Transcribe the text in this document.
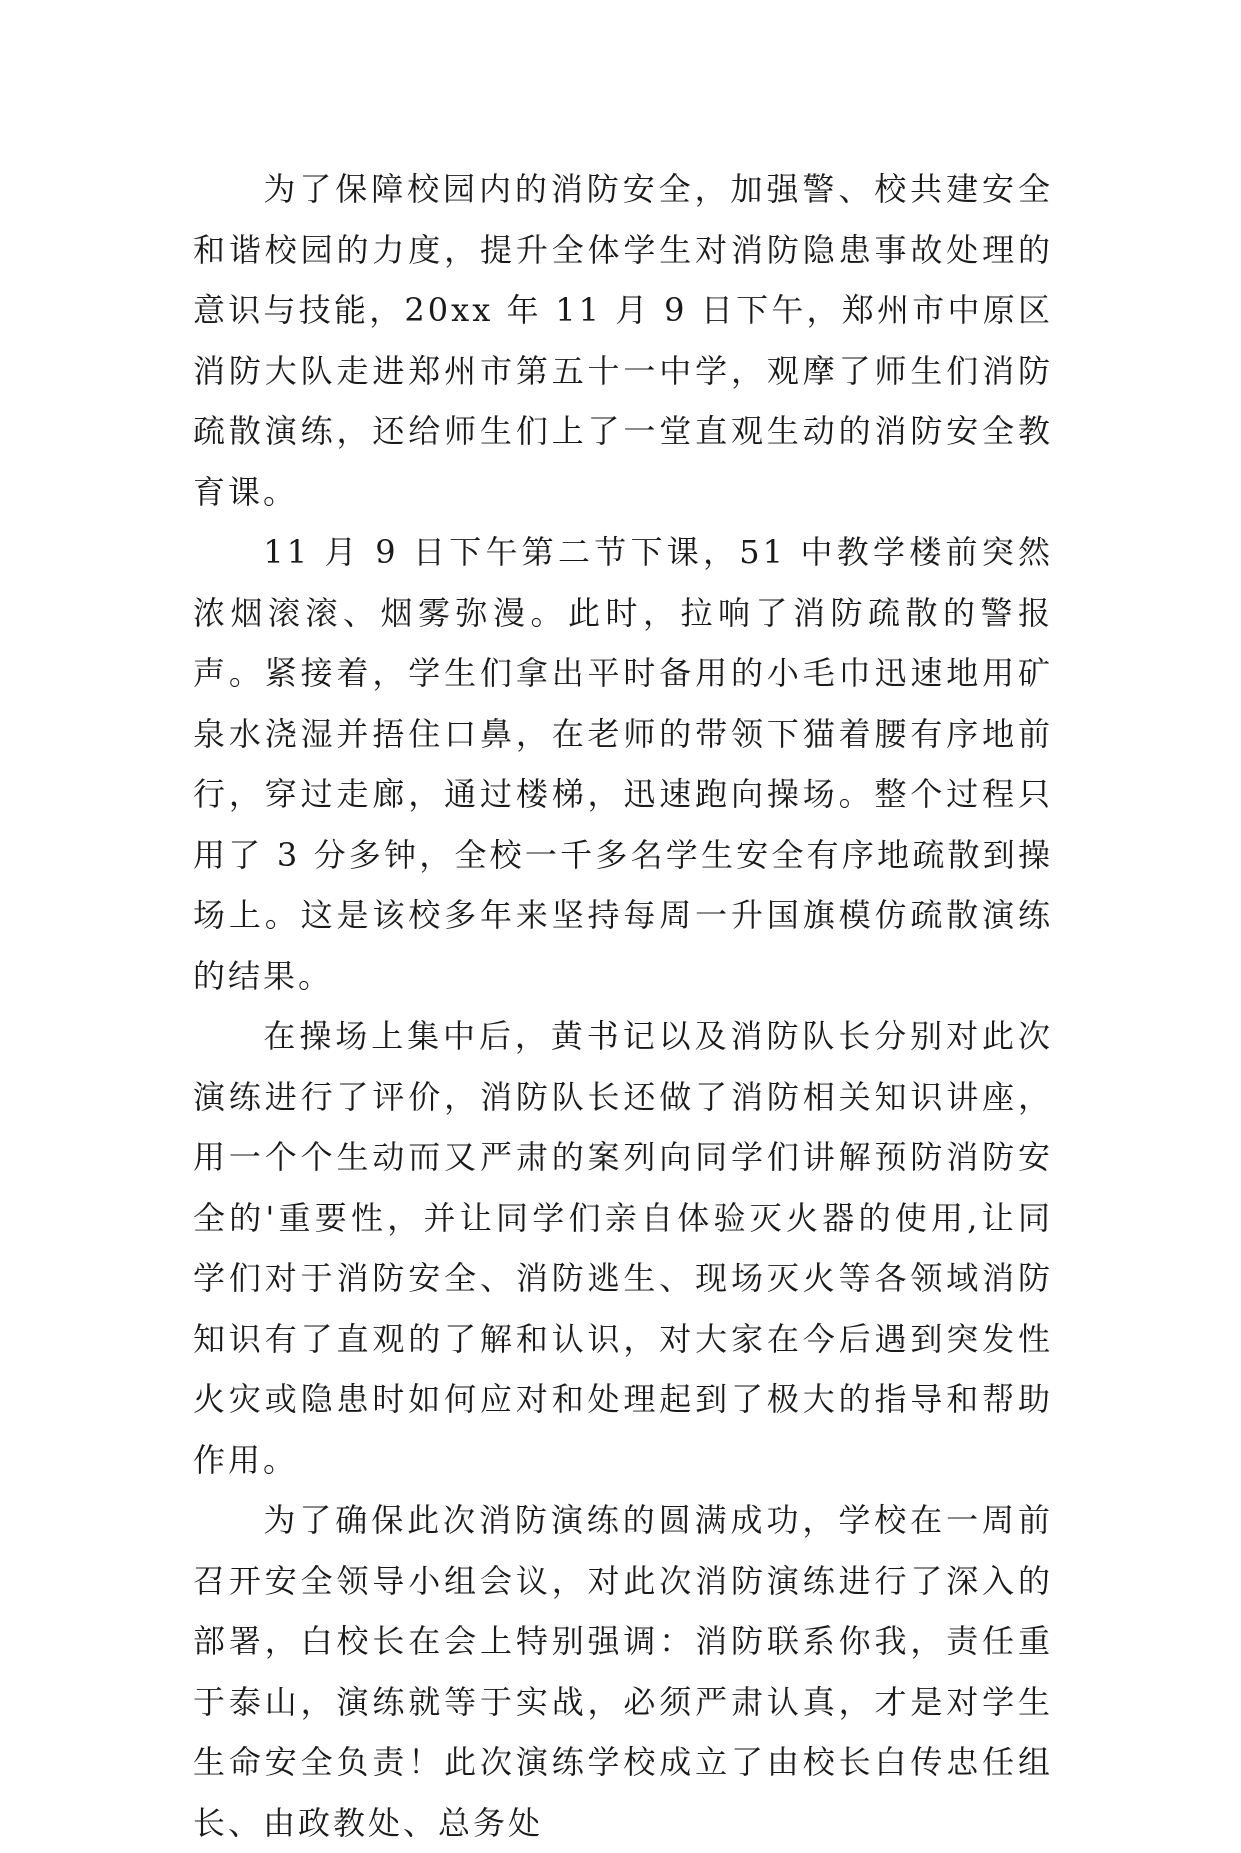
为了保障校园内的消防安全，加强警、校共建安全和谐校园的力度，提升全体学生对消防隐患事故处理的意识与技能，20xx 年 11 月 9 日下午，郑州市中原区消防大队走进郑州市第五十一中学，观摩了师生们消防疏散演练，还给师生们上了一堂直观生动的消防安全教育课。

11 月 9 日下午第二节下课，51 中教学楼前突然浓烟滚滚、烟雾弥漫。此时，拉响了消防疏散的警报声。紧接着，学生们拿出平时备用的小毛巾迅速地用矿泉水浇湿并捂住口鼻，在老师的带领下猫着腰有序地前行，穿过走廊，通过楼梯，迅速跑向操场。整个过程只用了 3 分多钟，全校一千多名学生安全有序地疏散到操场上。这是该校多年来坚持每周一升国旗模仿疏散演练的结果。

在操场上集中后，黄书记以及消防队长分别对此次演练进行了评价，消防队长还做了消防相关知识讲座，用一个个生动而又严肃的案列向同学们讲解预防消防安全的'重要性，并让同学们亲自体验灭火器的使用,让同学们对于消防安全、消防逃生、现场灭火等各领域消防知识有了直观的了解和认识，对大家在今后遇到突发性火灾或隐患时如何应对和处理起到了极大的指导和帮助作用。

为了确保此次消防演练的圆满成功，学校在一周前召开安全领导小组会议，对此次消防演练进行了深入的部署，白校长在会上特别强调：消防联系你我，责任重于泰山，演练就等于实战，必须严肃认真，才是对学生生命安全负责！此次演练学校成立了由校长白传忠任组长、由政教处、总务处
